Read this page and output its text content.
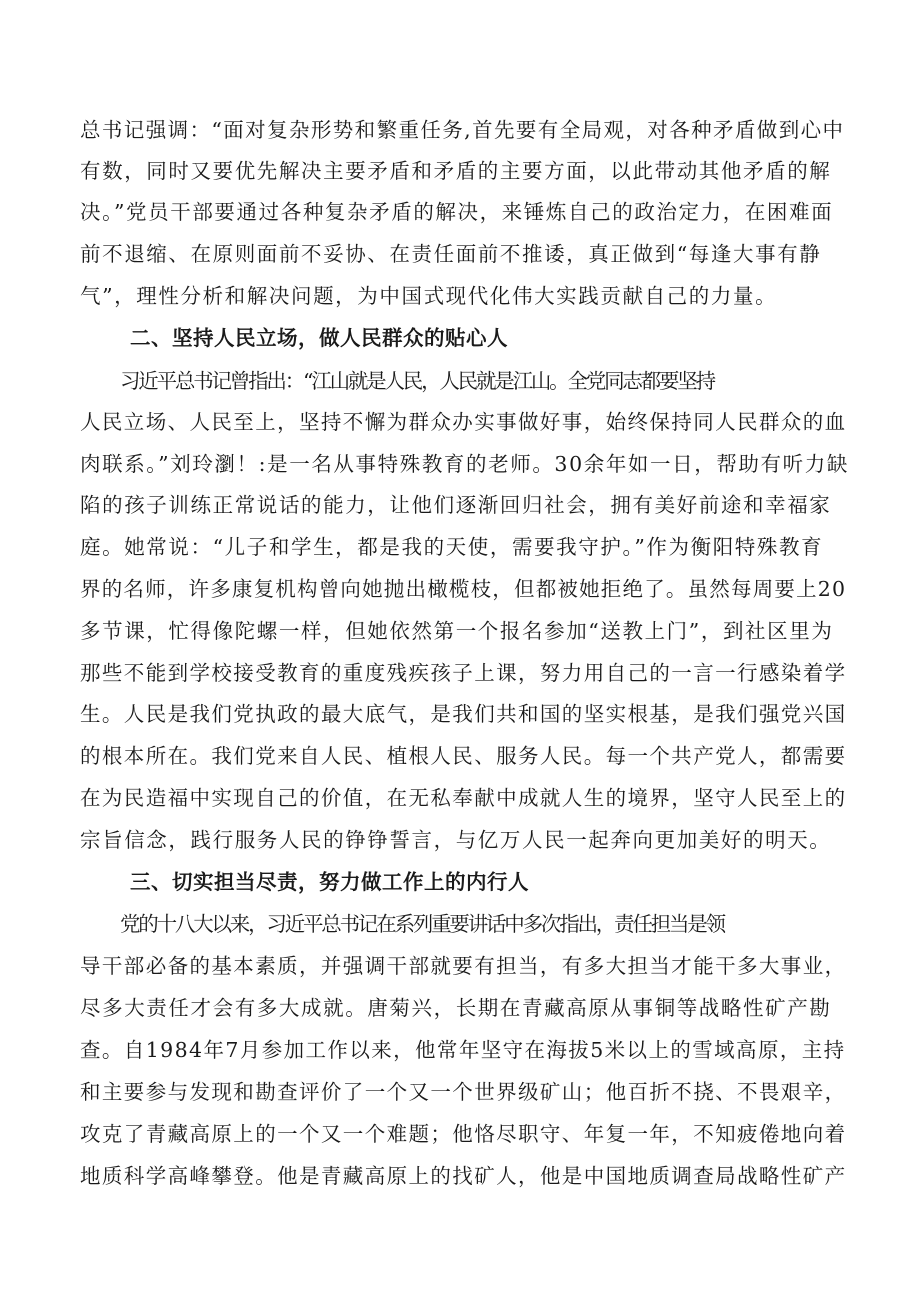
总书记强调：“面对复杂形势和繁重任务,首先要有全局观，对各种矛盾做到心中
有数，同时又要优先解决主要矛盾和矛盾的主要方面，以此带动其他矛盾的解
决。”党员干部要通过各种复杂矛盾的解决，来锤炼自己的政治定力，在困难面
前不退缩、在原则面前不妥协、在责任面前不推诿，真正做到“每逢大事有静
气”，理性分析和解决问题，为中国式现代化伟大实践贡献自己的力量。
二、坚持人民立场，做人民群众的贴心人
习近平总书记曾指出：“江山就是人民，人民就是江山。全党同志都要坚持
人民立场、人民至上，坚持不懈为群众办实事做好事，始终保持同人民群众的血
肉联系。”刘玲瀏！:是一名从事特殊教育的老师。30余年如一日，帮助有听力缺
陷的孩子训练正常说话的能力，让他们逐渐回归社会，拥有美好前途和幸福家
庭。她常说：“儿子和学生，都是我的天使，需要我守护。”作为衡阳特殊教育
界的名师，许多康复机构曾向她抛出橄榄枝，但都被她拒绝了。虽然每周要上20
多节课，忙得像陀螺一样，但她依然第一个报名参加“送教上门”，到社区里为
那些不能到学校接受教育的重度残疾孩子上课，努力用自己的一言一行感染着学
生。人民是我们党执政的最大底气，是我们共和国的坚实根基，是我们强党兴国
的根本所在。我们党来自人民、植根人民、服务人民。每一个共产党人，都需要
在为民造福中实现自己的价值，在无私奉献中成就人生的境界，坚守人民至上的
宗旨信念，践行服务人民的铮铮誓言，与亿万人民一起奔向更加美好的明天。
三、切实担当尽责，努力做工作上的内行人
党的十八大以来，习近平总书记在系列重要讲话中多次指出，责任担当是领
导干部必备的基本素质，并强调干部就要有担当，有多大担当才能干多大事业，
尽多大责任才会有多大成就。唐菊兴，长期在青藏高原从事铜等战略性矿产勘
查。自1984年7月参加工作以来，他常年坚守在海拔5米以上的雪域高原，主持
和主要参与发现和勘查评价了一个又一个世界级矿山；他百折不挠、不畏艰辛，
攻克了青藏高原上的一个又一个难题；他恪尽职守、年复一年，不知疲倦地向着
地质科学高峰攀登。他是青藏高原上的找矿人，他是中国地质调查局战略性矿产
